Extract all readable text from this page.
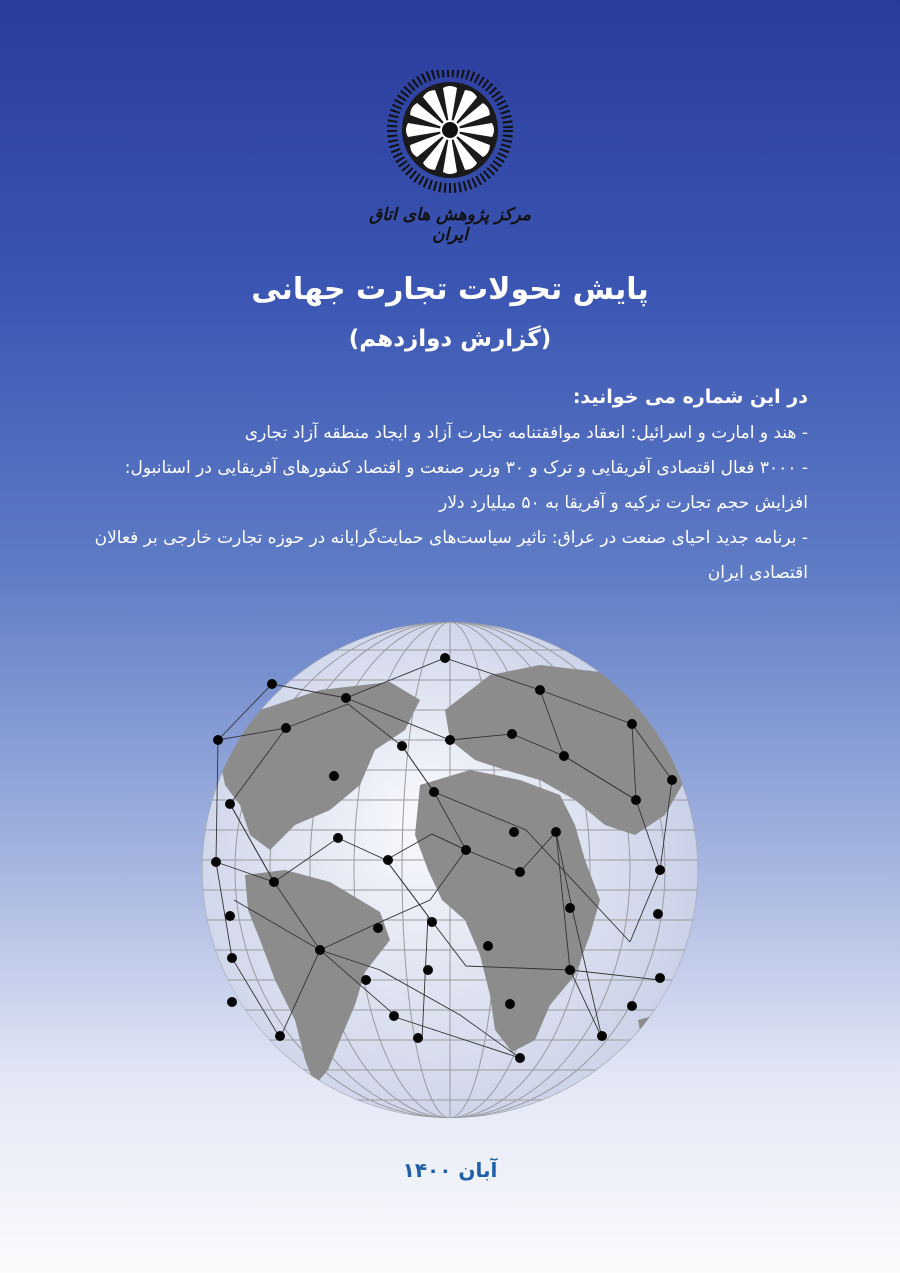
مرکز پژوهش های اتاق ایران
پایش تحولات تجارت جهانی
(گزارش دوازدهم)
در این شماره می خوانید:
- هند و امارت و اسرائیل: انعقاد موافقتنامه تجارت آزاد و ایجاد منطقه آزاد تجاری
- ۳۰۰۰ فعال اقتصادی آفریقایی و ترک و ۳۰ وزیر صنعت و اقتصاد کشورهای آفریقایی در استانبول: افزایش حجم تجارت ترکیه و آفریقا به ۵۰ میلیارد دلار
- برنامه جدید احیای صنعت در عراق: تاثیر سیاست‌های حمایت‌گرایانه در حوزه تجارت خارجی بر فعالان اقتصادی ایران
آبان ۱۴۰۰
